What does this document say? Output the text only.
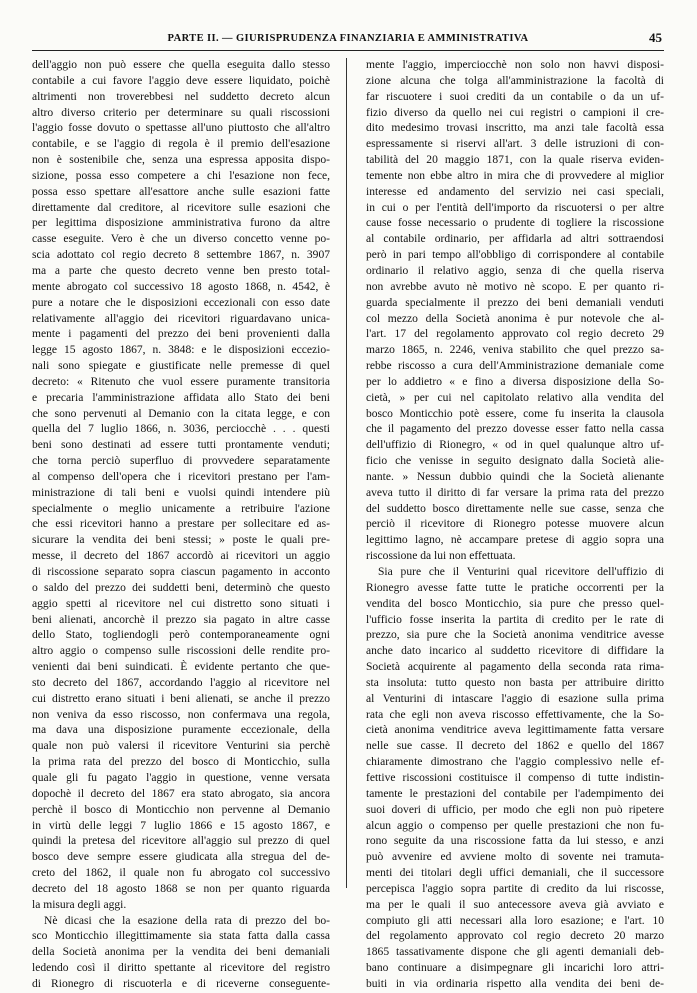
PARTE II. — GIURISPRUDENZA FINANZIARIA E AMMINISTRATIVA	45
dell'aggio non può essere che quella eseguita dallo stesso
contabile a cui favore l'aggio deve essere liquidato, poichè
altrimenti non troverebbesi nel suddetto decreto alcun
altro diverso criterio per determinare su quali riscossioni
l'aggio fosse dovuto o spettasse all'uno piuttosto che all'altro
contabile, e se l'aggio di regola è il premio dell'esazione
non è sostenibile che, senza una espressa apposita dispo-
sizione, possa esso competere a chi l'esazione non fece,
possa esso spettare all'esattore anche sulle esazioni fatte
direttamente dal creditore, al ricevitore sulle esazioni che
per legittima disposizione amministrativa furono da altre
casse eseguite. Vero è che un diverso concetto venne po-
scia adottato col regio decreto 8 settembre 1867, n. 3907
ma a parte che questo decreto venne ben presto total-
mente abrogato col successivo 18 agosto 1868, n. 4542, è
pure a notare che le disposizioni eccezionali con esso date
relativamente all'aggio dei ricevitori riguardavano unica-
mente i pagamenti del prezzo dei beni provenienti dalla
legge 15 agosto 1867, n. 3848: e le disposizioni eccezio-
nali sono spiegate e giustificate nelle premesse di quel
decreto: « Ritenuto che vuol essere puramente transitoria
e precaria l'amministrazione affidata allo Stato dei beni
che sono pervenuti al Demanio con la citata legge, e con
quella del 7 luglio 1866, n. 3036, perciocchè . . . questi
beni sono destinati ad essere tutti prontamente venduti;
che torna perciò superfluo di provvedere separatamente
al compenso dell'opera che i ricevitori prestano per l'am-
ministrazione di tali beni e vuolsi quindi intendere più
specialmente o meglio unicamente a retribuire l'azione
che essi ricevitori hanno a prestare per sollecitare ed as-
sicurare la vendita dei beni stessi; » poste le quali pre-
messe, il decreto del 1867 accordò ai ricevitori un aggio
di riscossione separato sopra ciascun pagamento in acconto
o saldo del prezzo dei suddetti beni, determinò che questo
aggio spetti al ricevitore nel cui distretto sono situati i
beni alienati, ancorchè il prezzo sia pagato in altre casse
dello Stato, togliendogli però contemporaneamente ogni
altro aggio o compenso sulle riscossioni delle rendite pro-
venienti dai beni suindicati. È evidente pertanto che que-
sto decreto del 1867, accordando l'aggio al ricevitore nel
cui distretto erano situati i beni alienati, se anche il prezzo
non veniva da esso riscosso, non confermava una regola,
ma dava una disposizione puramente eccezionale, della
quale non può valersi il ricevitore Venturini sia perchè
la prima rata del prezzo del bosco di Monticchio, sulla
quale gli fu pagato l'aggio in questione, venne versata
dopochè il decreto del 1867 era stato abrogato, sia ancora
perchè il bosco di Monticchio non pervenne al Demanio
in virtù delle leggi 7 luglio 1866 e 15 agosto 1867, e
quindi la pretesa del ricevitore all'aggio sul prezzo di quel
bosco deve sempre essere giudicata alla stregua del de-
creto del 1862, il quale non fu abrogato col successivo
decreto del 18 agosto 1868 se non per quanto riguarda
la misura degli aggi.
Nè dicasi che la esazione della rata di prezzo del bo-
sco Monticchio illegittimamente sia stata fatta dalla cassa
della Società anonima per la vendita dei beni demaniali
ledendo così il diritto spettante al ricevitore del registro
di Rionegro di riscuoterla e di riceverne conseguente-
mente l'aggio, imperciocchè non solo non havvi disposi-
zione alcuna che tolga all'amministrazione la facoltà di
far riscuotere i suoi crediti da un contabile o da un uf-
fizio diverso da quello nei cui registri o campioni il cre-
dito medesimo trovasi inscritto, ma anzi tale facoltà essa
espressamente si riservi all'art. 3 delle istruzioni di con-
tabilità del 20 maggio 1871, con la quale riserva eviden-
temente non ebbe altro in mira che di provvedere al miglior
interesse ed andamento del servizio nei casi speciali,
in cui o per l'entità dell'importo da riscuotersi o per altre
cause fosse necessario o prudente di togliere la riscossione
al contabile ordinario, per affidarla ad altri sottraendosi
però in pari tempo all'obbligo di corrispondere al contabile
ordinario il relativo aggio, senza di che quella riserva
non avrebbe avuto nè motivo nè scopo. E per quanto ri-
guarda specialmente il prezzo dei beni demaniali venduti
col mezzo della Società anonima è pur notevole che al-
l'art. 17 del regolamento approvato col regio decreto 29
marzo 1865, n. 2246, veniva stabilito che quel prezzo sa-
rebbe riscosso a cura dell'Amministrazione demaniale come
per lo addietro « e fino a diversa disposizione della So-
cietà, » per cui nel capitolato relativo alla vendita del
bosco Monticchio potè essere, come fu inserita la clausola
che il pagamento del prezzo dovesse esser fatto nella cassa
dell'uffizio di Rionegro, « od in quel qualunque altro uf-
ficio che venisse in seguito designato dalla Società alie-
nante. » Nessun dubbio quindi che la Società alienante
aveva tutto il diritto di far versare la prima rata del prezzo
del suddetto bosco direttamente nelle sue casse, senza che
perciò il ricevitore di Rionegro potesse muovere alcun
legittimo lagno, nè accampare pretese di aggio sopra una
riscossione da lui non effettuata.
Sia pure che il Venturini qual ricevitore dell'uffizio di
Rionegro avesse fatte tutte le pratiche occorrenti per la
vendita del bosco Monticchio, sia pure che presso quel-
l'ufficio fosse inserita la partita di credito per le rate di
prezzo, sia pure che la Società anonima venditrice avesse
anche dato incarico al suddetto ricevitore di diffidare la
Società acquirente al pagamento della seconda rata rima-
sta insoluta: tutto questo non basta per attribuire diritto
al Venturini di intascare l'aggio di esazione sulla prima
rata che egli non aveva riscosso effettivamente, che la So-
cietà anonima venditrice aveva legittimamente fatta versare
nelle sue casse. Il decreto del 1862 e quello del 1867
chiaramente dimostrano che l'aggio complessivo nelle ef-
fettive riscossioni costituisce il compenso di tutte indistin-
tamente le prestazioni del contabile per l'adempimento dei
suoi doveri di ufficio, per modo che egli non può ripetere
alcun aggio o compenso per quelle prestazioni che non fu-
rono seguite da una riscossione fatta da lui stesso, e anzi
può avvenire ed avviene molto di sovente nei tramuta-
menti dei titolari degli uffici demaniali, che il successore
percepisca l'aggio sopra partite di credito da lui riscosse,
ma per le quali il suo antecessore aveva già avviato e
compiuto gli atti necessari alla loro esazione; e l'art. 10
del regolamento approvato col regio decreto 20 marzo
1865 tassativamente dispone che gli agenti demaniali deb-
bano continuare a disimpegnare gli incarichi loro attri-
buiti in via ordinaria rispetto alla vendita dei beni de-
